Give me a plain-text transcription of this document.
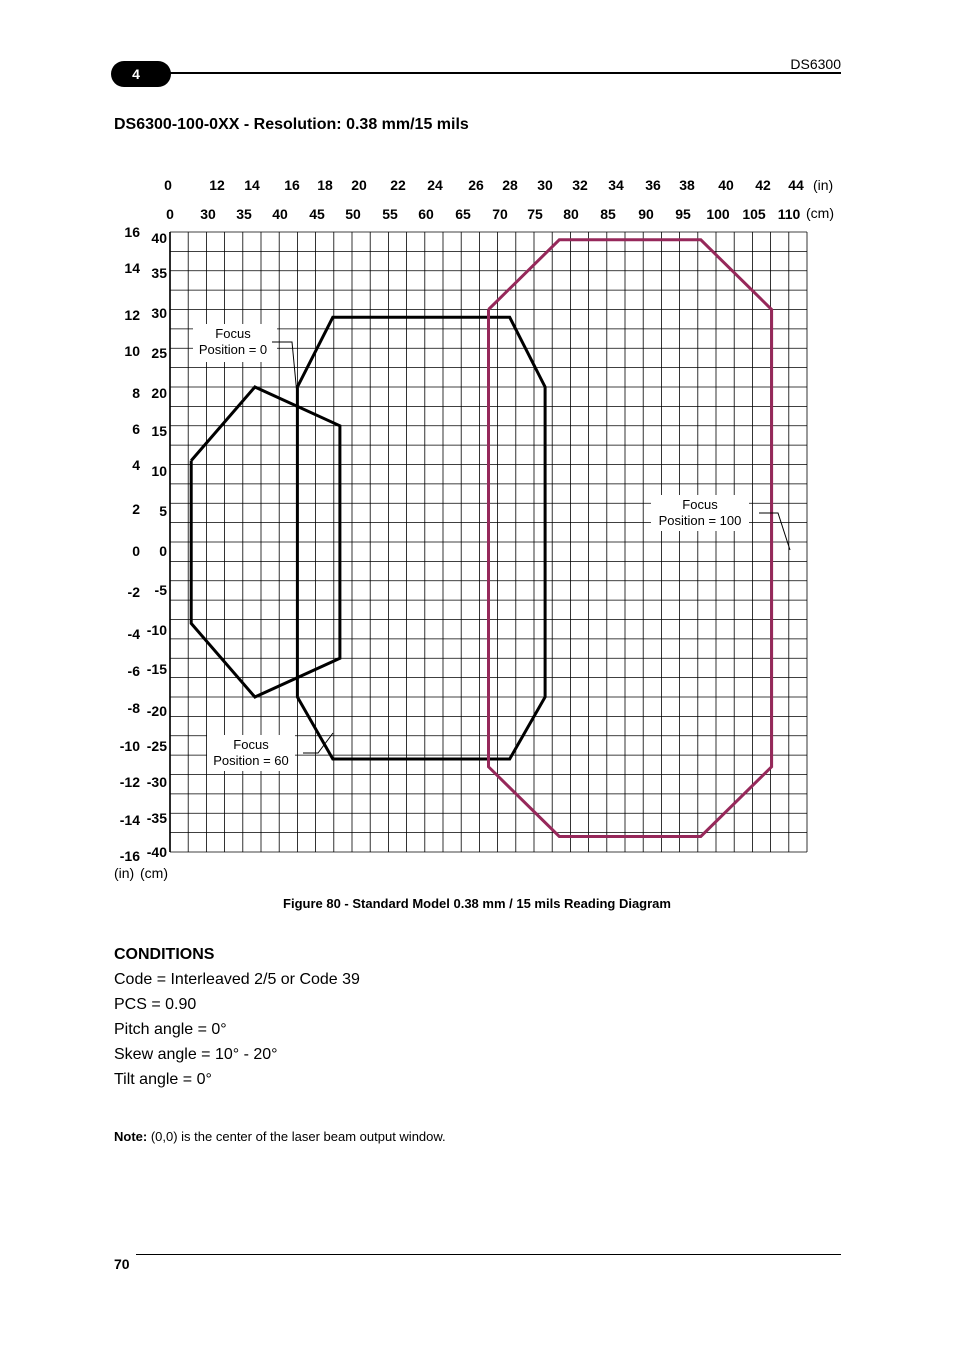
4
DS6300
DS6300-100-0XX - Resolution: 0.38 mm/15 mils
0	12 14 16 18 20 22 24 26 28 30 32 34 36 38 40 42 44
0 30 35 40 45 50 55 60 65 70 75 80 85 90 95 100 105 110
(in)
(cm)
16
14
12
10
8
6
4
2
0
-2
-4
-6
-8
-10
-12
-14
-16
40
35
30
25
20
15
10
5
0
-5
-10
-15
-20
-25
-30
-35
-40
(in) (cm)
Focus
Position = 0
Focus
Position = 60
Focus
Position = 100
Figure 80 - Standard Model 0.38 mm / 15 mils Reading Diagram
CONDITIONS
Code = Interleaved 2/5 or Code 39
PCS = 0.90
Pitch angle = 0°
Skew angle = 10° - 20°
Tilt angle = 0°
Note: (0,0) is the center of the laser beam output window.
70
